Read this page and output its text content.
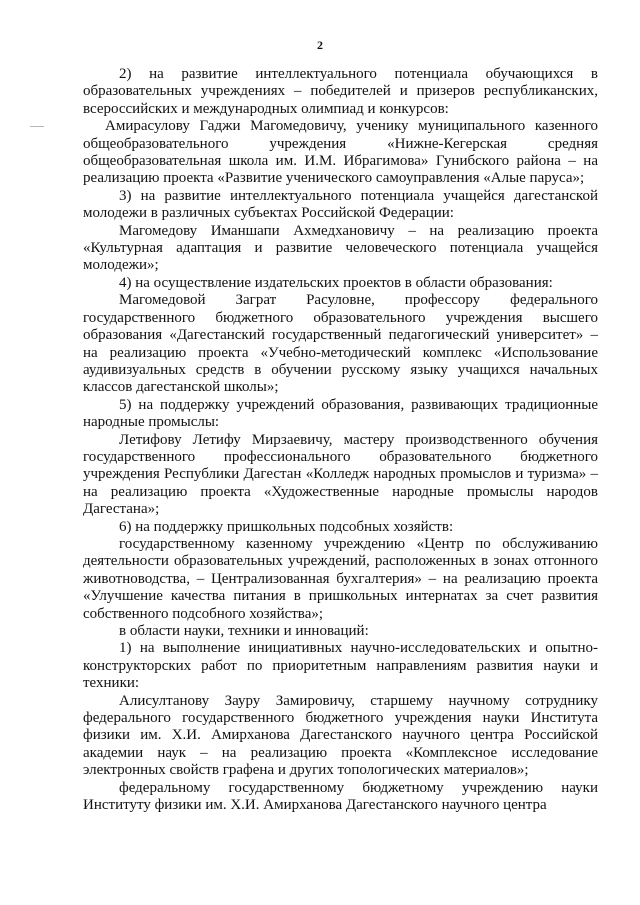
2

2) на развитие интеллектуального потенциала обучающихся в образовательных учреждениях – победителей и призеров республиканских, всероссийских и международных олимпиад и конкурсов:

Амирасулову Гаджи Магомедовичу, ученику муниципального казенного общеобразовательного учреждения «Нижне-Кегерская средняя общеобразовательная школа им. И.М. Ибрагимова» Гунибского района – на реализацию проекта «Развитие ученического самоуправления «Алые паруса»;

3) на развитие интеллектуального потенциала учащейся дагестанской молодежи в различных субъектах Российской Федерации:

Магомедову Иманшапи Ахмедхановичу – на реализацию проекта «Культурная адаптация и развитие человеческого потенциала учащейся молодежи»;

4) на осуществление издательских проектов в области образования:

Магомедовой Заграт Расуловне, профессору федерального государственного бюджетного образовательного учреждения высшего образования «Дагестанский государственный педагогический университет» – на реализацию проекта «Учебно-методический комплекс «Использование аудивизуальных средств в обучении русскому языку учащихся начальных классов дагестанской школы»;

5) на поддержку учреждений образования, развивающих традиционные народные промыслы:

Летифову Летифу Мирзаевичу, мастеру производственного обучения государственного профессионального образовательного бюджетного учреждения Республики Дагестан «Колледж народных промыслов и туризма» – на реализацию проекта «Художественные народные промыслы народов Дагестана»;

6) на поддержку пришкольных подсобных хозяйств:

государственному казенному учреждению «Центр по обслуживанию деятельности образовательных учреждений, расположенных в зонах отгонного животноводства, – Централизованная бухгалтерия» – на реализацию проекта «Улучшение качества питания в пришкольных интернатах за счет развития собственного подсобного хозяйства»;

в области науки, техники и инноваций:

1) на выполнение инициативных научно-исследовательских и опытно-конструкторских работ по приоритетным направлениям развития науки и техники:

Алисултанову Зауру Замировичу, старшему научному сотруднику федерального государственного бюджетного учреждения науки Института физики им. Х.И. Амирханова Дагестанского научного центра Российской академии наук – на реализацию проекта «Комплексное исследование электронных свойств графена и других топологических материалов»;

федеральному государственному бюджетному учреждению науки Институту физики им. Х.И. Амирханова Дагестанского научного центра
